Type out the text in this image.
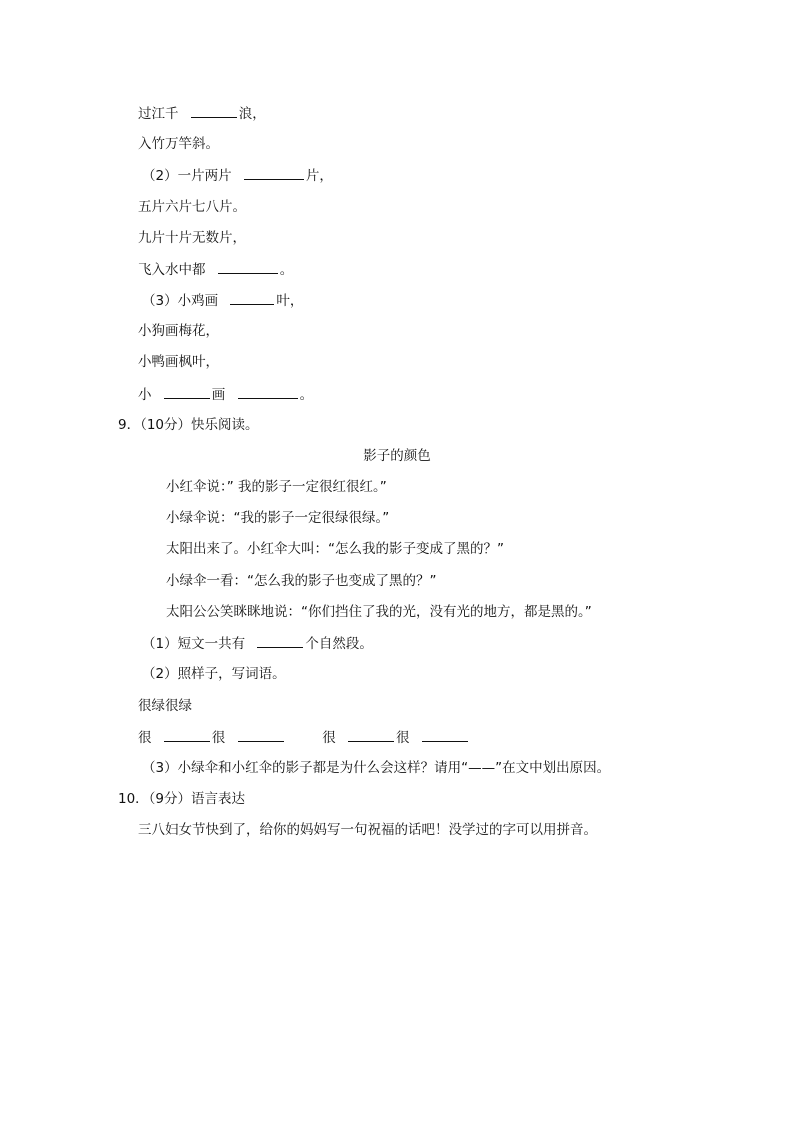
过江千	浪，
入竹万竿斜。
（2）一片两片	片，
五片六片七八片。
九片十片无数片，
飞入水中都	。
（3）小鸡画	叶，
小狗画梅花，
小鸭画枫叶，
小	画	。
9．（10分）快乐阅读。
影子的颜色
小红伞说：” 我的影子一定很红很红。”
小绿伞说：“我的影子一定很绿很绿。”
太阳出来了。小红伞大叫：“怎么我的影子变成了黑的？”
小绿伞一看：“怎么我的影子也变成了黑的？”
太阳公公笑眯眯地说：“你们挡住了我的光，没有光的地方，都是黑的。”
（1）短文一共有	个自然段。
（2）照样子，写词语。
很绿很绿
很	很	很	很
（3）小绿伞和小红伞的影子都是为什么会这样？请用“——”在文中划出原因。
10．（9分）语言表达
三八妇女节快到了，给你的妈妈写一句祝福的话吧！没学过的字可以用拼音。
